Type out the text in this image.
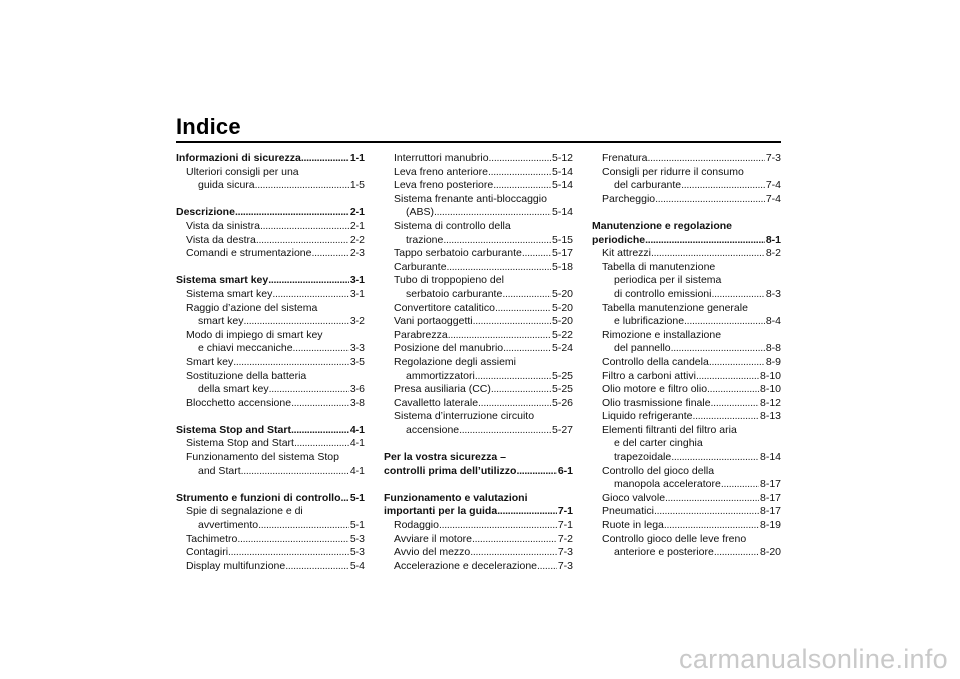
Indice
Informazioni di sicurezza . . .	1-1
Ulteriori consigli per una
guida sicura . . .	1-5
Descrizione . . .	2-1
Vista da sinistra . . .	2-1
Vista da destra . . .	2-2
Comandi e strumentazione . . .	2-3
Sistema smart key . . .	3-1
Sistema smart key . . .	3-1
Raggio d’azione del sistema
smart key . . .	3-2
Modo di impiego di smart key
e chiavi meccaniche . . .	3-3
Smart key . . .	3-5
Sostituzione della batteria
della smart key . . .	3-6
Blocchetto accensione . . .	3-8
Sistema Stop and Start . . .	4-1
Sistema Stop and Start . . .	4-1
Funzionamento del sistema Stop
and Start . . .	4-1
Strumento e funzioni di controllo . . . 5-1
Spie di segnalazione e di
avvertimento . . .	5-1
Tachimetro . . .	5-3
Contagiri . . .	5-3
Display multifunzione . . .	5-4
Interruttori manubrio . . .	5-12
Leva freno anteriore . . .	5-14
Leva freno posteriore . . .	5-14
Sistema frenante anti-bloccaggio
(ABS) . . .	5-14
Sistema di controllo della
trazione . . .	5-15
Tappo serbatoio carburante . . .	5-17
Carburante . . .	5-18
Tubo di troppopieno del
serbatoio carburante . . .	5-20
Convertitore catalitico . . .	5-20
Vani portaoggetti . . .	5-20
Parabrezza . . .	5-22
Posizione del manubrio . . .	5-24
Regolazione degli assiemi
ammortizzatori . . .	5-25
Presa ausiliaria (CC) . . .	5-25
Cavalletto laterale . . .	5-26
Sistema d’interruzione circuito
accensione . . .	5-27
Per la vostra sicurezza –
controlli prima dell’utilizzo . . .	6-1
Funzionamento e valutazioni
importanti per la guida . . .	7-1
Rodaggio . . .	7-1
Avviare il motore . . .	7-2
Avvio del mezzo . . .	7-3
Accelerazione e decelerazione . . . 7-3
Frenatura . . .	7-3
Consigli per ridurre il consumo
del carburante . . .	7-4
Parcheggio . . .	7-4
Manutenzione e regolazione
periodiche . . .	8-1
Kit attrezzi . . .	8-2
Tabella di manutenzione
periodica per il sistema
di controllo emissioni . . .	8-3
Tabella manutenzione generale
e lubrificazione . . .	8-4
Rimozione e installazione
del pannello . . .	8-8
Controllo della candela . . .	8-9
Filtro a carboni attivi . . .	8-10
Olio motore e filtro olio . . .	8-10
Olio trasmissione finale . . .	8-12
Liquido refrigerante . . .	8-13
Elementi filtranti del filtro aria
e del carter cinghia
trapezoidale . . .	8-14
Controllo del gioco della
manopola acceleratore . . .	8-17
Gioco valvole . . .	8-17
Pneumatici . . .	8-17
Ruote in lega . . .	8-19
Controllo gioco delle leve freno
anteriore e posteriore . . .	8-20
carmanualsonline.info
